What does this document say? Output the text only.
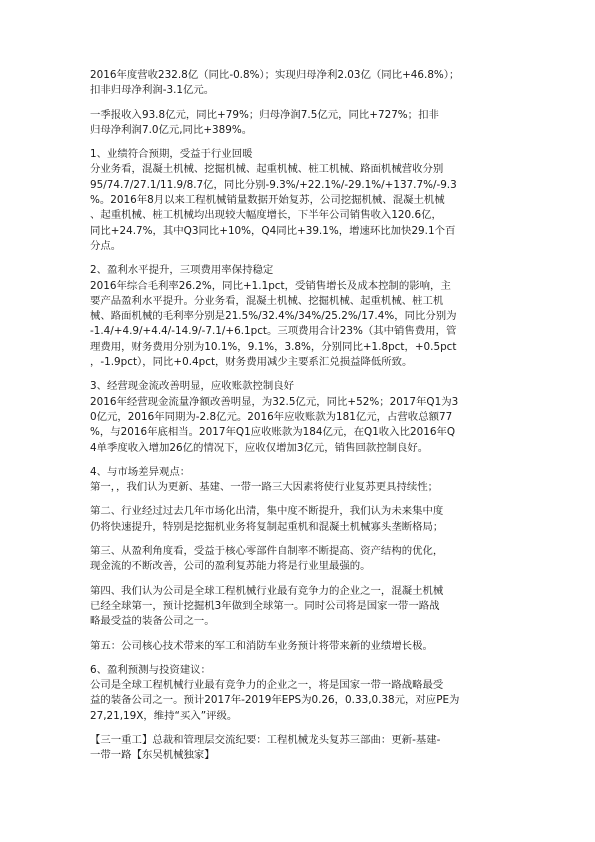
2016年度营收232.8亿（同比-0.8%）；实现归母净利2.03亿（同比+46.8%）；
扣非归母净利润-3.1亿元。
一季报收入93.8亿元，同比+79%；归母净润7.5亿元，同比+727%；扣非
归母净利润7.0亿元,同比+389%。
1、业绩符合预期，受益于行业回暖
分业务看，混凝土机械、挖掘机械、起重机械、桩工机械、路面机械营收分别
95/74.7/27.1/11.9/8.7亿，同比分别-9.3%/+22.1%/-29.1%/+137.7%/-9.3
%。2016年8月以来工程机械销量数据开始复苏，公司挖掘机械、混凝土机械
、起重机械、桩工机械均出现较大幅度增长，下半年公司销售收入120.6亿，
同比+24.7%，其中Q3同比+10%，Q4同比+39.1%，增速环比加快29.1个百
分点。
2、盈利水平提升，三项费用率保持稳定
2016年综合毛利率26.2%，同比+1.1pct，受销售增长及成本控制的影响，主
要产品盈利水平提升。分业务看，混凝土机械、挖掘机械、起重机械、桩工机
械、路面机械的毛利率分别是21.5%/32.4%/34%/25.2%/17.4%，同比分别为
-1.4/+4.9/+4.4/-14.9/-7.1/+6.1pct。三项费用合计23%（其中销售费用，管
理费用，财务费用分别为10.1%，9.1%，3.8%，分别同比+1.8pct，+0.5pct
，-1.9pct），同比+0.4pct，财务费用减少主要系汇兑损益降低所致。
3、经营现金流改善明显，应收账款控制良好
2016年经营现金流量净额改善明显，为32.5亿元，同比+52%；2017年Q1为3
0亿元，2016年同期为-2.8亿元。2016年应收账款为181亿元，占营收总额77
%，与2016年底相当。2017年Q1应收账款为184亿元，在Q1收入比2016年Q
4单季度收入增加26亿的情况下，应收仅增加3亿元，销售回款控制良好。
4、与市场差异观点：
第一，，我们认为更新、基建、一带一路三大因素将使行业复苏更具持续性；
第二、行业经过过去几年市场化出清，集中度不断提升，我们认为未来集中度
仍将快速提升，特别是挖掘机业务将复制起重机和混凝土机械寡头垄断格局；
第三、从盈利角度看，受益于核心零部件自制率不断提高、资产结构的优化，
现金流的不断改善，公司的盈利复苏能力将是行业里最强的。
第四、我们认为公司是全球工程机械行业最有竞争力的企业之一，混凝土机械
已经全球第一，预计挖掘机3年做到全球第一。同时公司将是国家一带一路战
略最受益的装备公司之一。
第五：公司核心技术带来的军工和消防车业务预计将带来新的业绩增长极。
6、盈利预测与投资建议：
公司是全球工程机械行业最有竞争力的企业之一，将是国家一带一路战略最受
益的装备公司之一。预计2017年-2019年EPS为0.26，0.33,0.38元，对应PE为
27,21,19X，维持“买入”评级。
【三一重工】总裁和管理层交流纪要：工程机械龙头复苏三部曲：更新-基建-
一带一路【东吴机械独家】
